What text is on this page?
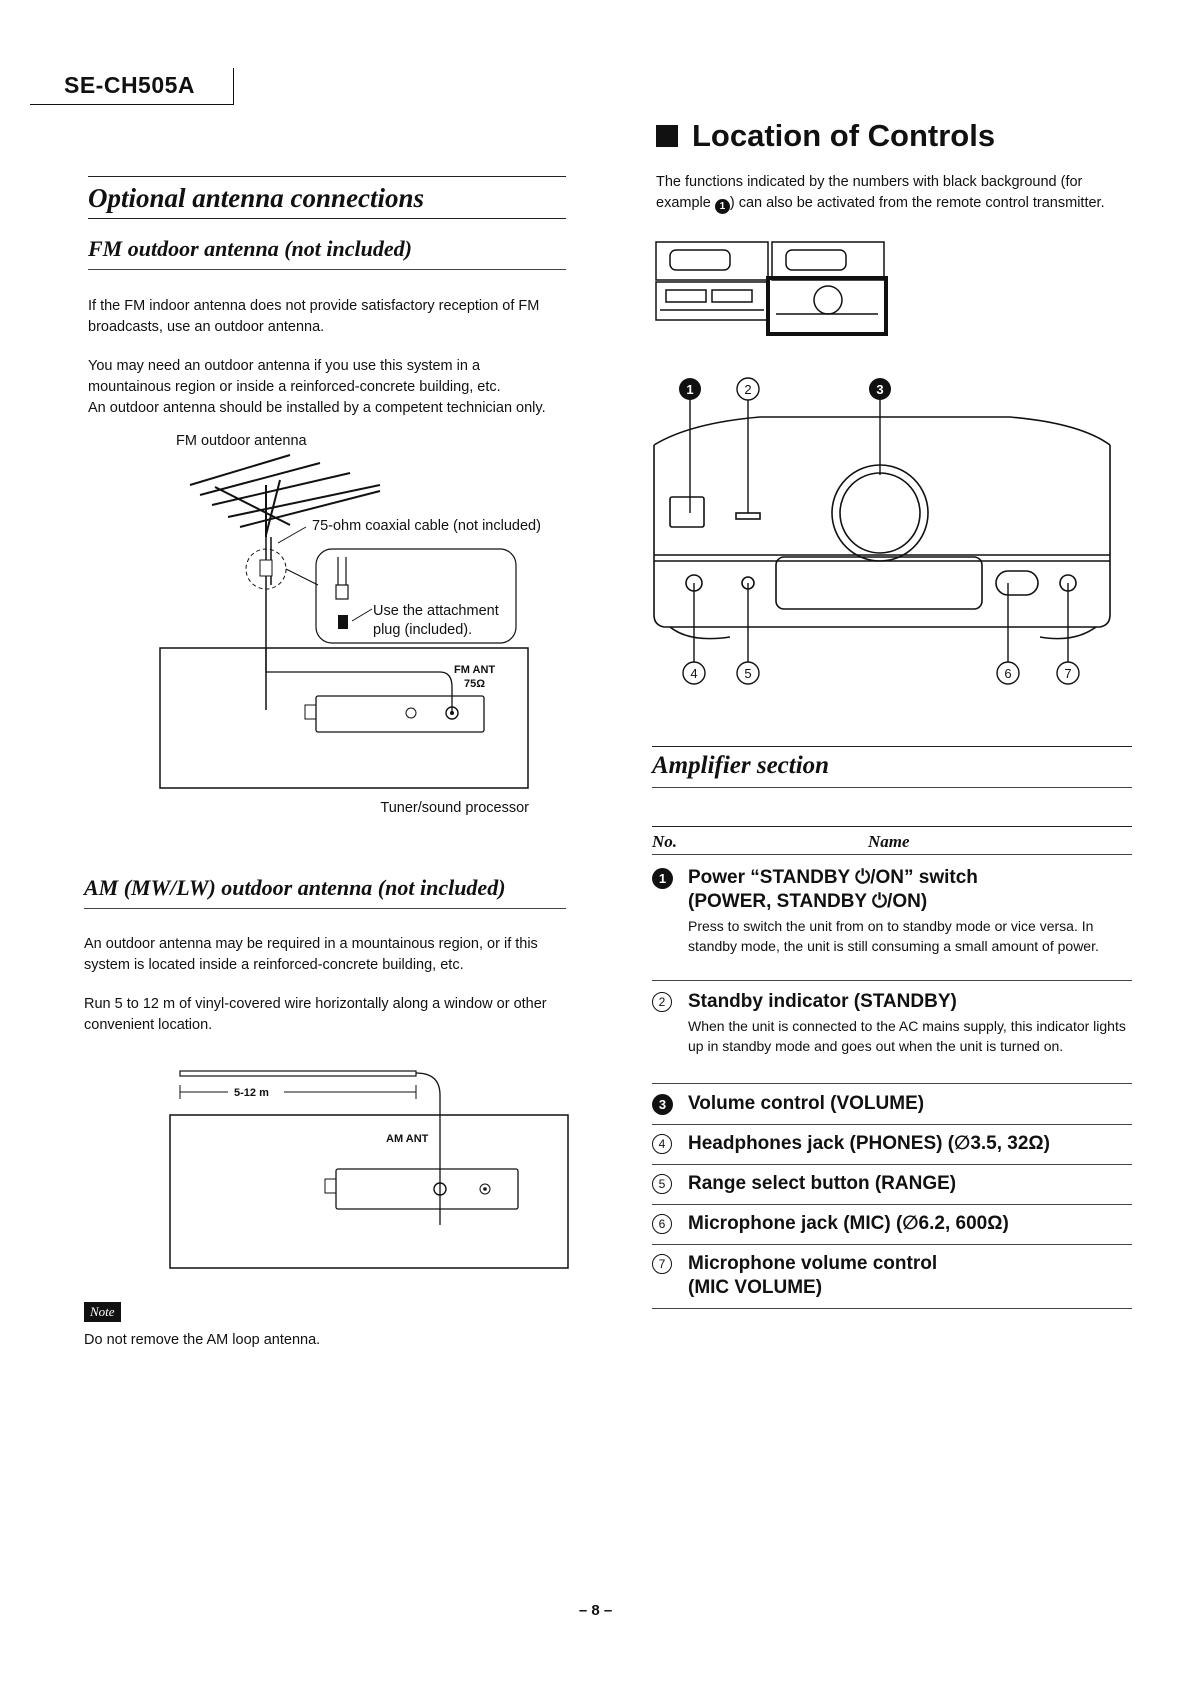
SE-CH505A
Optional antenna connections
FM outdoor antenna (not included)
If the FM indoor antenna does not provide satisfactory reception of FM broadcasts, use an outdoor antenna.
You may need an outdoor antenna if you use this system in a mountainous region or inside a reinforced-concrete building, etc.
An outdoor antenna should be installed by a competent technician only.
FM outdoor antenna
75-ohm coaxial cable (not included)
Use the attachment
plug (included).
FM ANT
75Ω
Tuner/sound processor
AM (MW/LW) outdoor antenna (not included)
An outdoor antenna may be required in a mountainous region, or if this system is located inside a reinforced-concrete building, etc.
Run 5 to 12 m of vinyl-covered wire horizontally along a window or other convenient location.
5-12 m
AM ANT
Note
Do not remove the AM loop antenna.
Location of Controls
The functions indicated by the numbers with black background (for example 1 ) can also be activated from the remote control transmitter.
1	2	3
4	5	6	7
Amplifier section
No.	Name
1	Power “STANDBY ⏻/ON” switch
(POWER, STANDBY ⏻/ON)
Press to switch the unit from on to standby mode or vice versa. In standby mode, the unit is still consuming a small amount of power.
2	Standby indicator (STANDBY)
When the unit is connected to the AC mains supply, this indicator lights up in standby mode and goes out when the unit is turned on.
3	Volume control (VOLUME)
4	Headphones jack (PHONES) (∅3.5, 32Ω)
5	Range select button (RANGE)
6	Microphone jack (MIC) (∅6.2, 600Ω)
7	Microphone volume control
(MIC VOLUME)
– 8 –
